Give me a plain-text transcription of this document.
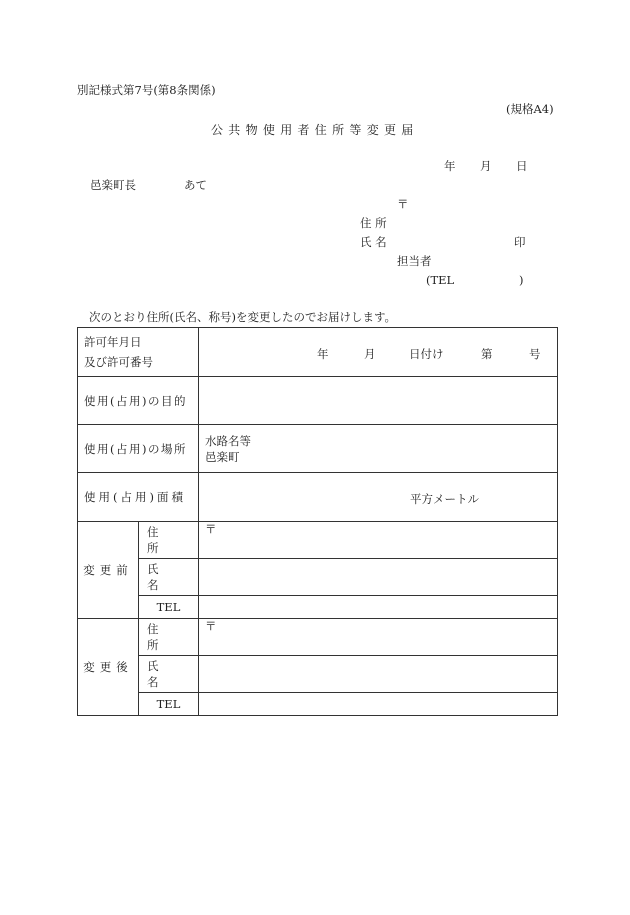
別記様式第7号(第8条関係)
(規格A4)
公共物使用者住所等変更届
年 月 日
邑楽町長	あて
〒
住 所
氏 名	印
担当者
(TEL	)
次のとおり住所(氏名、称号)を変更したのでお届けします。
許可年月日
及び許可番号		年 月 日付け 第 号

使用(占用)の目的		

使用(占用)の場所		水路名等
邑楽町

使用(占用)面積		平方メートル

変更前	住所	〒

	氏名	

	TEL	
変更後	住所	〒

	氏名	

	TEL	
